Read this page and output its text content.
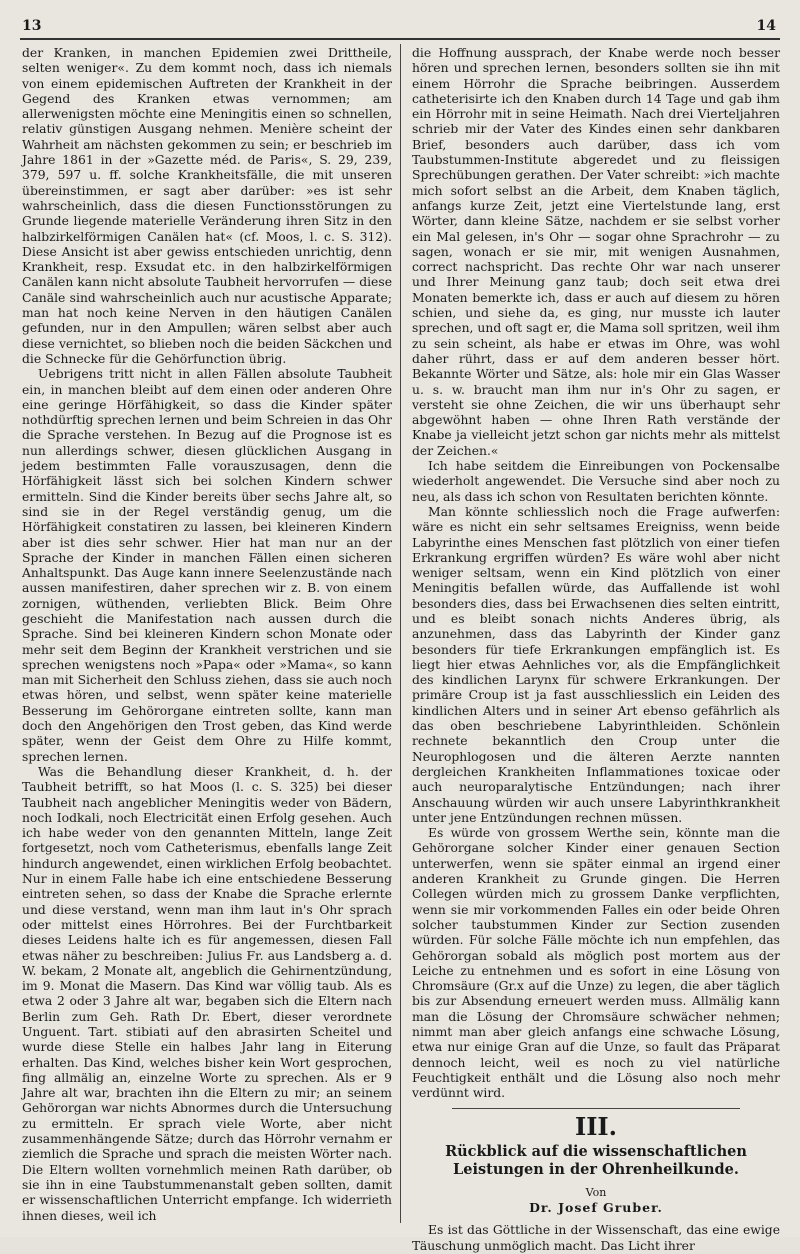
13	14

der Kranken, in manchen Epidemien zwei Drittheile, selten weniger«. Zu dem kommt noch, dass ich niemals von einem epidemischen Auftreten der Krankheit in der Gegend des Kranken etwas vernommen; am allerwenigsten möchte eine Meningitis einen so schnellen, relativ günstigen Ausgang nehmen. Menière scheint der Wahrheit am nächsten gekommen zu sein; er beschrieb im Jahre 1861 in der »Gazette méd. de Paris«, S. 29, 239, 379, 597 u. ff. solche Krankheitsfälle, die mit unseren übereinstimmen, er sagt aber darüber: »es ist sehr wahrscheinlich, dass die diesen Functionsstörungen zu Grunde liegende materielle Veränderung ihren Sitz in den halbzirkelförmigen Canälen hat« (cf. Moos, l. c. S. 312). Diese Ansicht ist aber gewiss entschieden unrichtig, denn Krankheit, resp. Exsudat etc. in den halbzirkelförmigen Canälen kann nicht absolute Taubheit hervorrufen — diese Canäle sind wahrscheinlich auch nur acustische Apparate; man hat noch keine Nerven in den häutigen Canälen gefunden, nur in den Ampullen; wären selbst aber auch diese vernichtet, so blieben noch die beiden Säckchen und die Schnecke für die Gehörfunction übrig.

Uebrigens tritt nicht in allen Fällen absolute Taubheit ein, in manchen bleibt auf dem einen oder anderen Ohre eine geringe Hörfähigkeit, so dass die Kinder später nothdürftig sprechen lernen und beim Schreien in das Ohr die Sprache verstehen. In Bezug auf die Prognose ist es nun allerdings schwer, diesen glücklichen Ausgang in jedem bestimmten Falle vorauszusagen, denn die Hörfähigkeit lässt sich bei solchen Kindern schwer ermitteln. Sind die Kinder bereits über sechs Jahre alt, so sind sie in der Regel verständig genug, um die Hörfähigkeit constatiren zu lassen, bei kleineren Kindern aber ist dies sehr schwer. Hier hat man nur an der Sprache der Kinder in manchen Fällen einen sicheren Anhaltspunkt. Das Auge kann innere Seelenzustände nach aussen manifestiren, daher sprechen wir z. B. von einem zornigen, wüthenden, verliebten Blick. Beim Ohre geschieht die Manifestation nach aussen durch die Sprache. Sind bei kleineren Kindern schon Monate oder mehr seit dem Beginn der Krankheit verstrichen und sie sprechen wenigstens noch »Papa« oder »Mama«, so kann man mit Sicherheit den Schluss ziehen, dass sie auch noch etwas hören, und selbst, wenn später keine materielle Besserung im Gehörorgane eintreten sollte, kann man doch den Angehörigen den Trost geben, das Kind werde später, wenn der Geist dem Ohre zu Hilfe kommt, sprechen lernen.

Was die Behandlung dieser Krankheit, d. h. der Taubheit betrifft, so hat Moos (l. c. S. 325) bei dieser Taubheit nach angeblicher Meningitis weder von Bädern, noch Iodkali, noch Electricität einen Erfolg gesehen. Auch ich habe weder von den genannten Mitteln, lange Zeit fortgesetzt, noch vom Catheterismus, ebenfalls lange Zeit hindurch angewendet, einen wirklichen Erfolg beobachtet. Nur in einem Falle habe ich eine entschiedene Besserung eintreten sehen, so dass der Knabe die Sprache erlernte und diese verstand, wenn man ihm laut in's Ohr sprach oder mittelst eines Hörrohres. Bei der Furchtbarkeit dieses Leidens halte ich es für angemessen, diesen Fall etwas näher zu beschreiben: Julius Fr. aus Landsberg a. d. W. bekam, 2 Monate alt, angeblich die Gehirnentzündung, im 9. Monat die Masern. Das Kind war völlig taub. Als es etwa 2 oder 3 Jahre alt war, begaben sich die Eltern nach Berlin zum Geh. Rath Dr. Ebert, dieser verordnete Unguent. Tart. stibiati auf den abrasirten Scheitel und wurde diese Stelle ein halbes Jahr lang in Eiterung erhalten. Das Kind, welches bisher kein Wort gesprochen, fing allmälig an, einzelne Worte zu sprechen. Als er 9 Jahre alt war, brachten ihn die Eltern zu mir; an seinem Gehörorgan war nichts Abnormes durch die Untersuchung zu ermitteln. Er sprach viele Worte, aber nicht zusammenhängende Sätze; durch das Hörrohr vernahm er ziemlich die Sprache und sprach die meisten Wörter nach. Die Eltern wollten vornehmlich meinen Rath darüber, ob sie ihn in eine Taubstummenanstalt geben sollten, damit er wissenschaftlichen Unterricht empfange. Ich widerrieth ihnen dieses, weil ich

die Hoffnung aussprach, der Knabe werde noch besser hören und sprechen lernen, besonders sollten sie ihn mit einem Hörrohr die Sprache beibringen. Ausserdem catheterisirte ich den Knaben durch 14 Tage und gab ihm ein Hörrohr mit in seine Heimath. Nach drei Vierteljahren schrieb mir der Vater des Kindes einen sehr dankbaren Brief, besonders auch darüber, dass ich vom Taubstummen-Institute abgeredet und zu fleissigen Sprechübungen gerathen. Der Vater schreibt: »ich machte mich sofort selbst an die Arbeit, dem Knaben täglich, anfangs kurze Zeit, jetzt eine Viertelstunde lang, erst Wörter, dann kleine Sätze, nachdem er sie selbst vorher ein Mal gelesen, in's Ohr — sogar ohne Sprachrohr — zu sagen, wonach er sie mir, mit wenigen Ausnahmen, correct nachspricht. Das rechte Ohr war nach unserer und Ihrer Meinung ganz taub; doch seit etwa drei Monaten bemerkte ich, dass er auch auf diesem zu hören schien, und siehe da, es ging, nur musste ich lauter sprechen, und oft sagt er, die Mama soll spritzen, weil ihm zu sein scheint, als habe er etwas im Ohre, was wohl daher rührt, dass er auf dem anderen besser hört. Bekannte Wörter und Sätze, als: hole mir ein Glas Wasser u. s. w. braucht man ihm nur in's Ohr zu sagen, er versteht sie ohne Zeichen, die wir uns überhaupt sehr abgewöhnt haben — ohne Ihren Rath verstände der Knabe ja vielleicht jetzt schon gar nichts mehr als mittelst der Zeichen.«

Ich habe seitdem die Einreibungen von Pockensalbe wiederholt angewendet. Die Versuche sind aber noch zu neu, als dass ich schon von Resultaten berichten könnte.

Man könnte schliesslich noch die Frage aufwerfen: wäre es nicht ein sehr seltsames Ereigniss, wenn beide Labyrinthe eines Menschen fast plötzlich von einer tiefen Erkrankung ergriffen würden? Es wäre wohl aber nicht weniger seltsam, wenn ein Kind plötzlich von einer Meningitis befallen würde, das Auffallende ist wohl besonders dies, dass bei Erwachsenen dies selten eintritt, und es bleibt sonach nichts Anderes übrig, als anzunehmen, dass das Labyrinth der Kinder ganz besonders für tiefe Erkrankungen empfänglich ist. Es liegt hier etwas Aehnliches vor, als die Empfänglichkeit des kindlichen Larynx für schwere Erkrankungen. Der primäre Croup ist ja fast ausschliesslich ein Leiden des kindlichen Alters und in seiner Art ebenso gefährlich als das oben beschriebene Labyrinthleiden. Schönlein rechnete bekanntlich den Croup unter die Neurophlogosen und die älteren Aerzte nannten dergleichen Krankheiten Inflammationes toxicae oder auch neuroparalytische Entzündungen; nach ihrer Anschauung würden wir auch unsere Labyrinthkrankheit unter jene Entzündungen rechnen müssen.

Es würde von grossem Werthe sein, könnte man die Gehörorgane solcher Kinder einer genauen Section unterwerfen, wenn sie später einmal an irgend einer anderen Krankheit zu Grunde gingen. Die Herren Collegen würden mich zu grossem Danke verpflichten, wenn sie mir vorkommenden Falles ein oder beide Ohren solcher taubstummen Kinder zur Section zusenden würden. Für solche Fälle möchte ich nun empfehlen, das Gehörorgan sobald als möglich post mortem aus der Leiche zu entnehmen und es sofort in eine Lösung von Chromsäure (Gr.x auf die Unze) zu legen, die aber täglich bis zur Absendung erneuert werden muss. Allmälig kann man die Lösung der Chromsäure schwächer nehmen; nimmt man aber gleich anfangs eine schwache Lösung, etwa nur einige Gran auf die Unze, so fault das Präparat dennoch leicht, weil es noch zu viel natürliche Feuchtigkeit enthält und die Lösung also noch mehr verdünnt wird.

III.
Rückblick auf die wissenschaftlichen Leistungen in der Ohrenheilkunde.
Von
Dr. Josef Gruber.

Es ist das Göttliche in der Wissenschaft, das eine ewige Täuschung unmöglich macht. Das Licht ihrer
